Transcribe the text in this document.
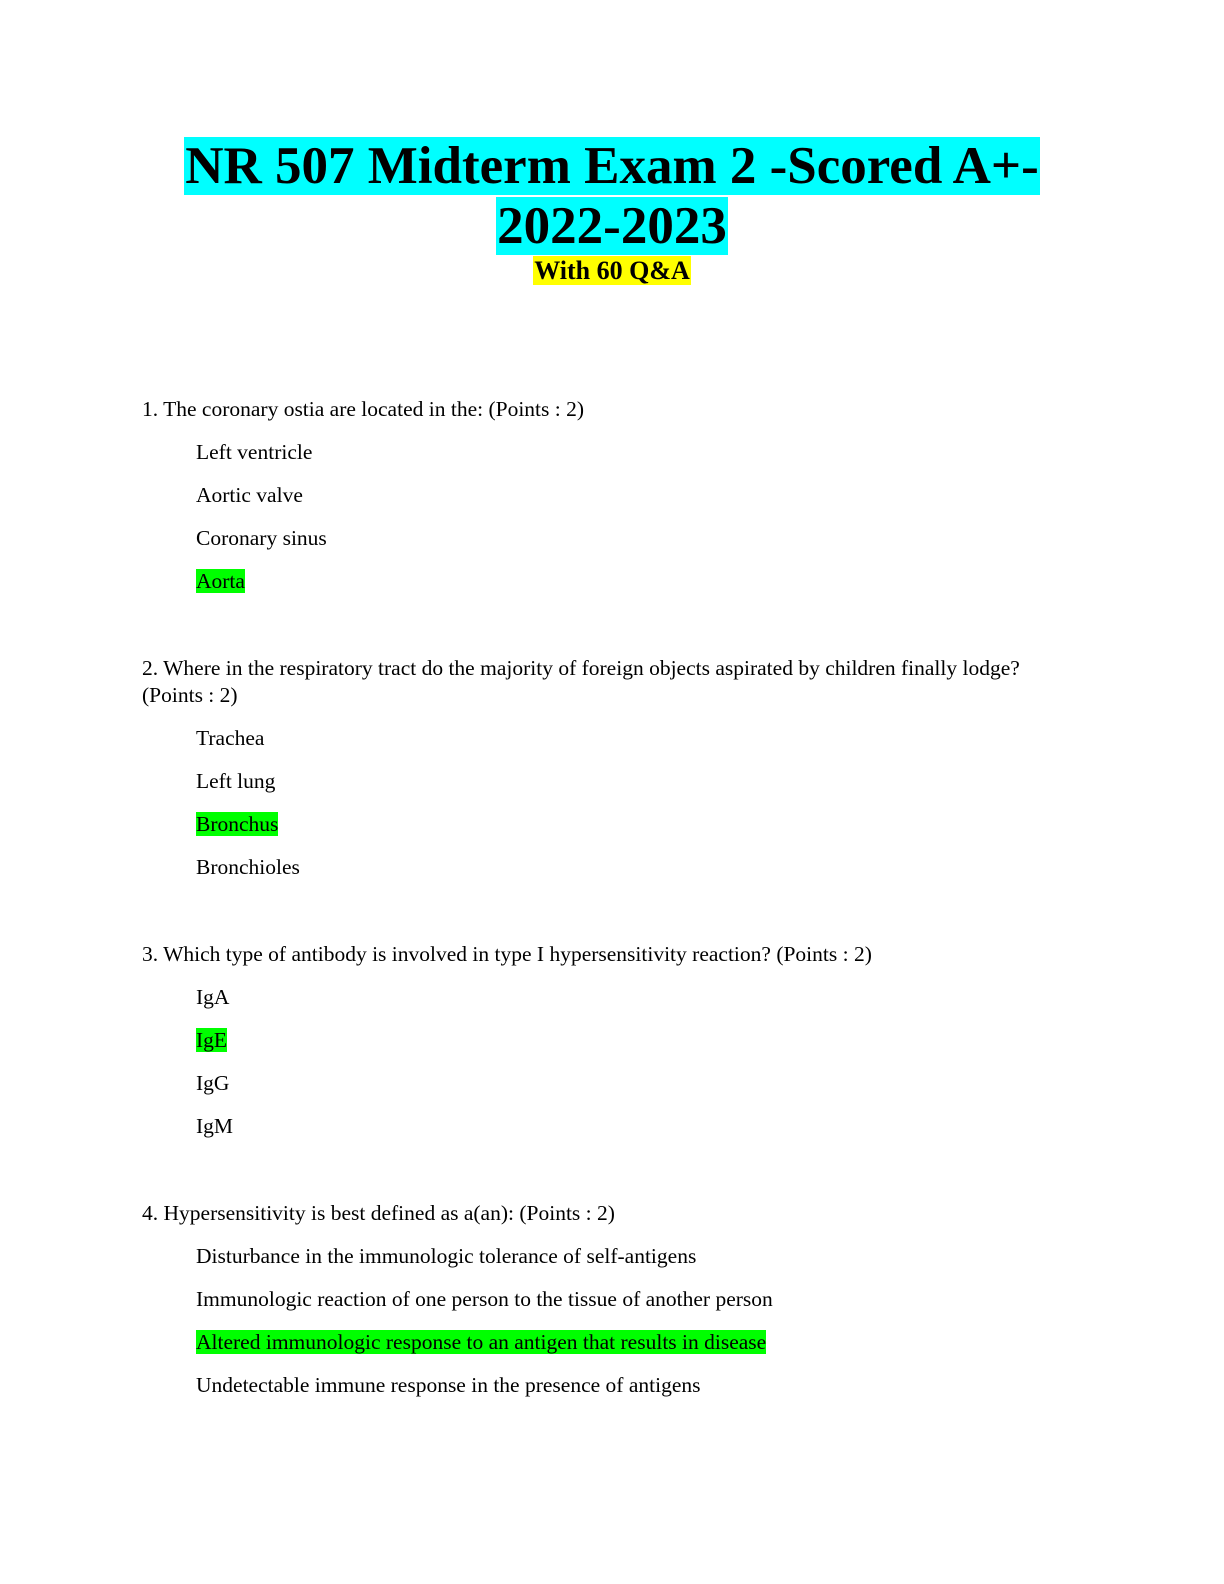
NR 507 Midterm Exam 2 -Scored A+-
2022-2023
With 60 Q&A

1. The coronary ostia are located in the: (Points : 2)

Left ventricle
Aortic valve
Coronary sinus
Aorta

2. Where in the respiratory tract do the majority of foreign objects aspirated by children finally lodge? (Points : 2)

Trachea
Left lung
Bronchus
Bronchioles

3. Which type of antibody is involved in type I hypersensitivity reaction? (Points : 2)

IgA
IgE
IgG
IgM

4. Hypersensitivity is best defined as a(an): (Points : 2)

Disturbance in the immunologic tolerance of self-antigens
Immunologic reaction of one person to the tissue of another person
Altered immunologic response to an antigen that results in disease
Undetectable immune response in the presence of antigens
